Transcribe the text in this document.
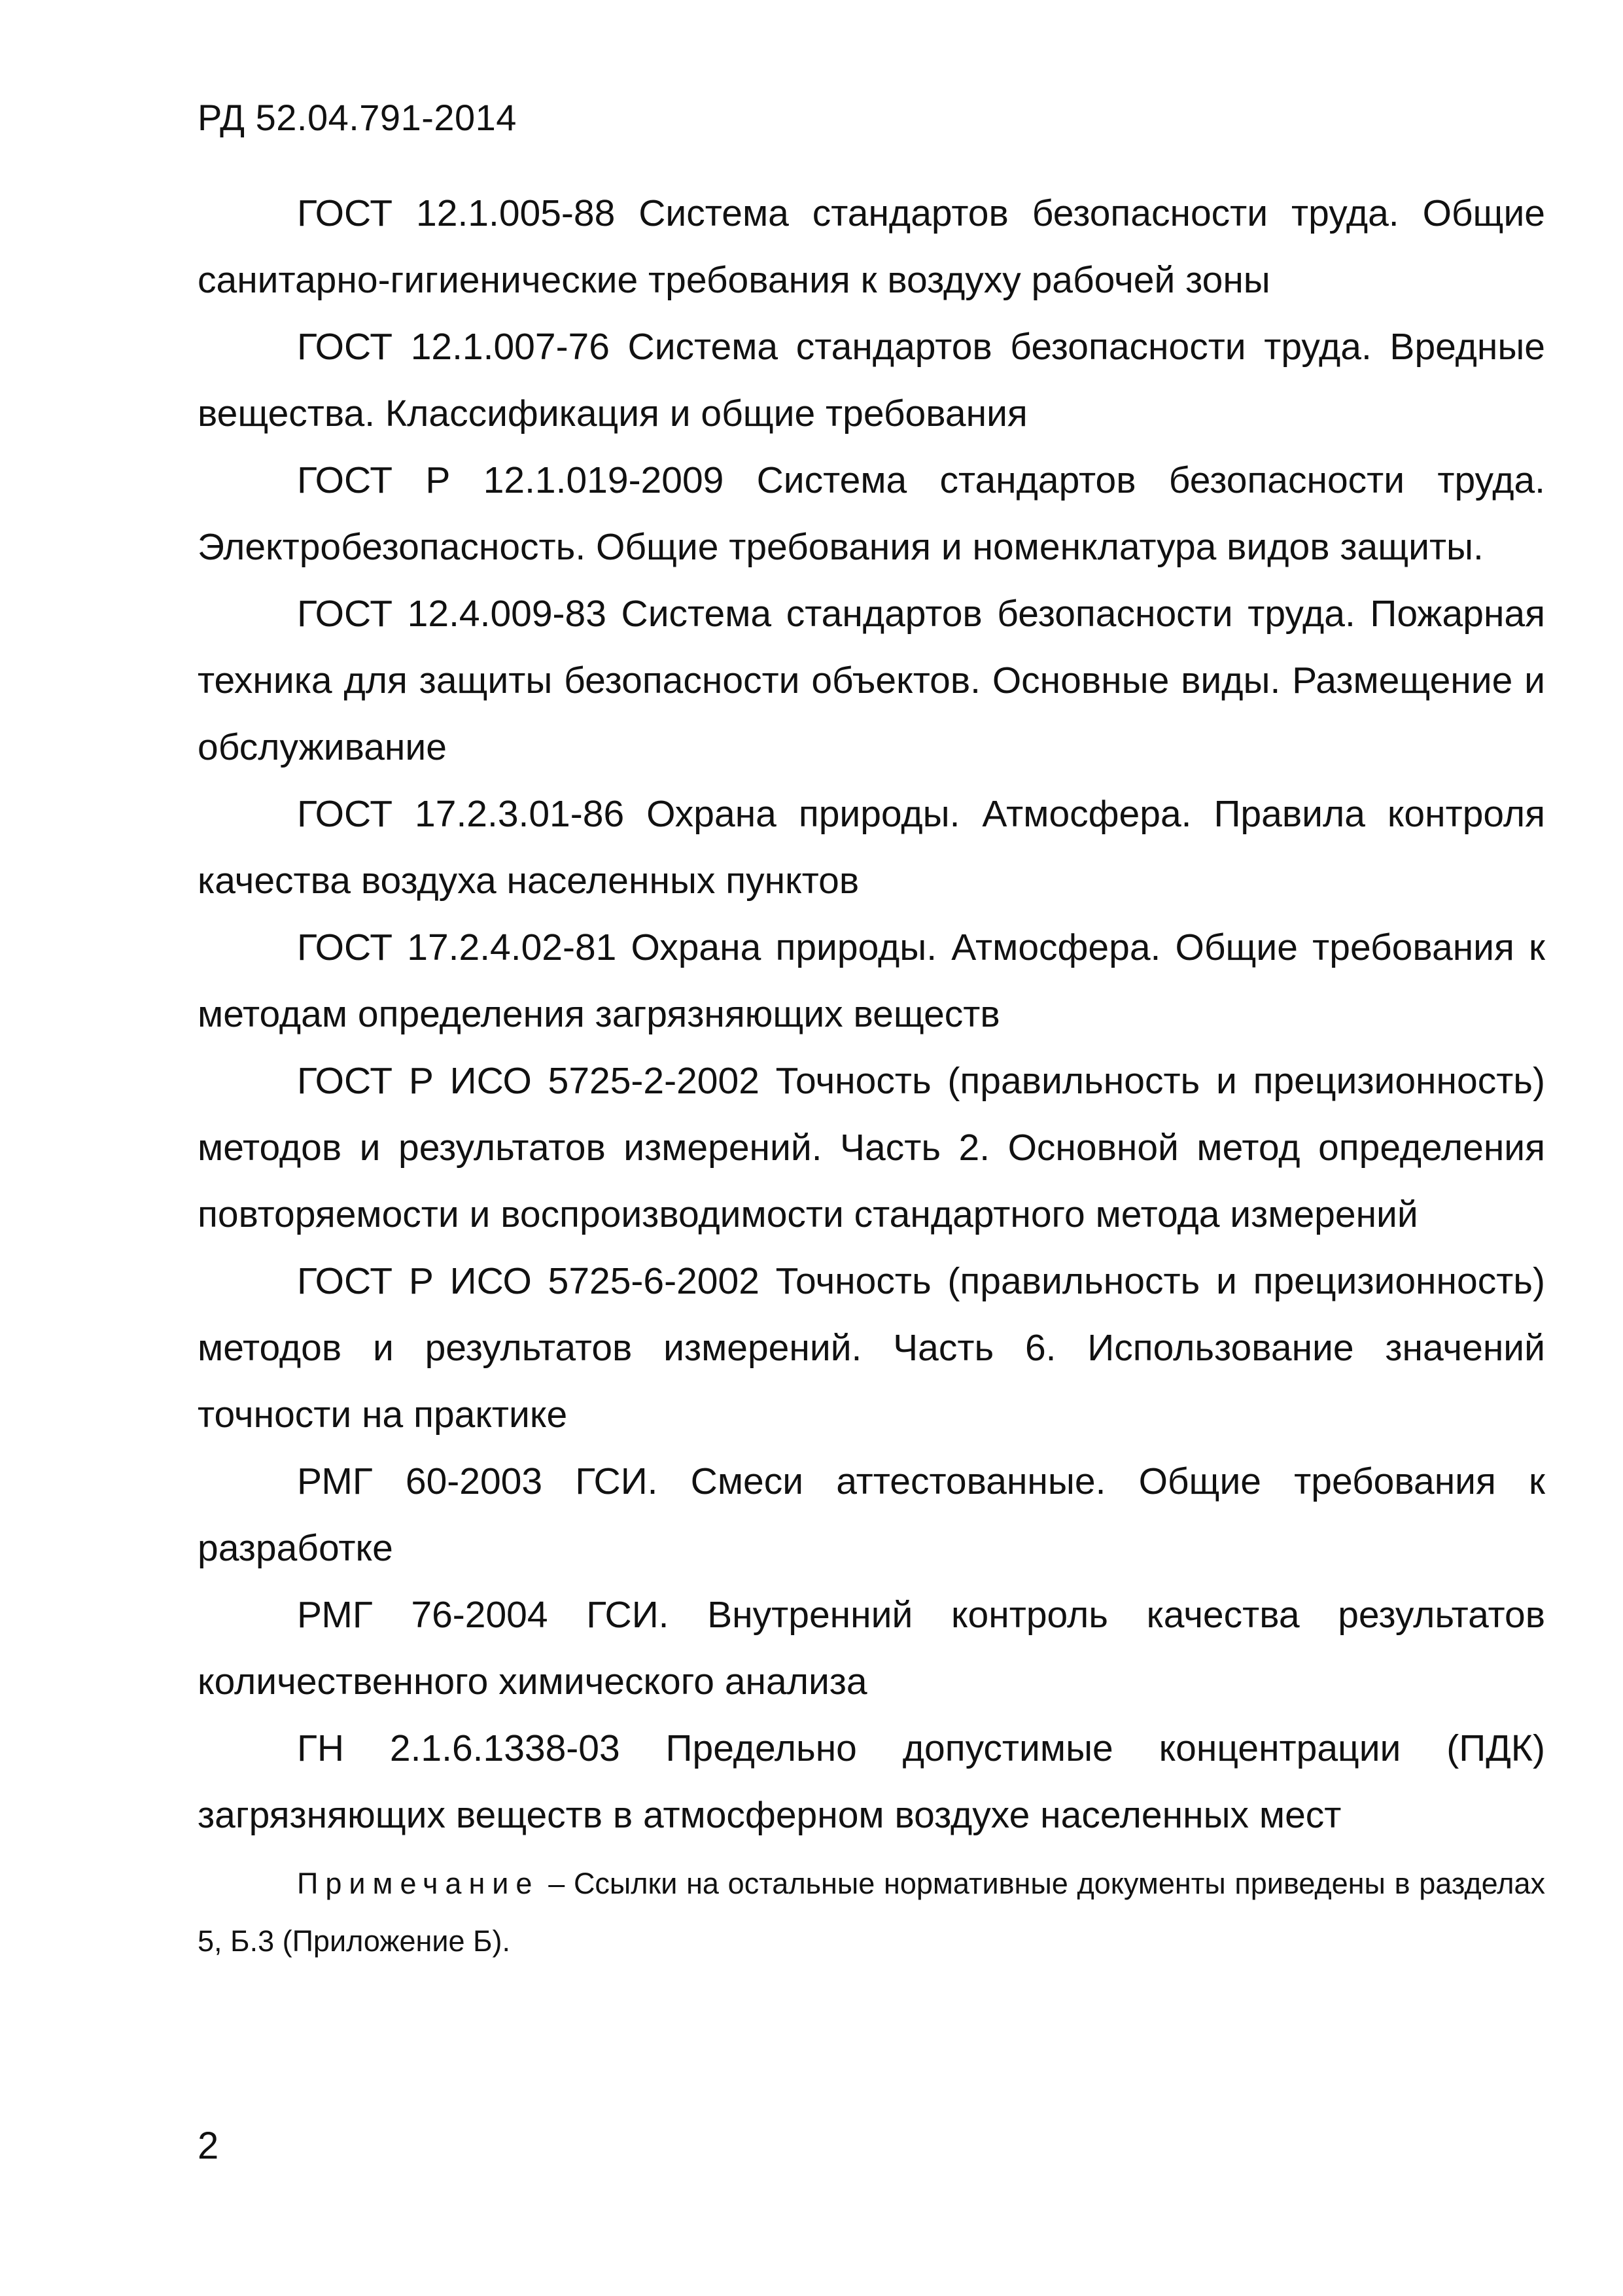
РД 52.04.791-2014

ГОСТ 12.1.005-88 Система стандартов безопасности труда. Общие санитарно-гигиенические требования к воздуху рабочей зоны

ГОСТ 12.1.007-76 Система стандартов безопасности труда. Вредные вещества. Классификация и общие требования

ГОСТ Р 12.1.019-2009 Система стандартов безопасности труда. Электробезопасность. Общие требования и номенклатура видов защиты.

ГОСТ 12.4.009-83 Система стандартов безопасности труда. Пожарная техника для защиты безопасности объектов. Основные виды. Размещение и обслуживание

ГОСТ 17.2.3.01-86 Охрана природы. Атмосфера. Правила контроля качества воздуха населенных пунктов

ГОСТ 17.2.4.02-81 Охрана природы. Атмосфера. Общие требования к методам определения загрязняющих веществ

ГОСТ Р ИСО 5725-2-2002 Точность (правильность и прецизионность) методов и результатов измерений. Часть 2. Основной метод определения повторяемости и воспроизводимости стандартного метода измерений

ГОСТ Р ИСО 5725-6-2002 Точность (правильность и прецизионность) методов и результатов измерений. Часть 6. Использование значений точности на практике

РМГ 60-2003 ГСИ. Смеси аттестованные. Общие требования к разработке

РМГ 76-2004 ГСИ. Внутренний контроль качества результатов количественного химического анализа

ГН 2.1.6.1338-03 Предельно допустимые концентрации (ПДК) загрязняющих веществ в атмосферном воздухе населенных мест

Примечание – Ссылки на остальные нормативные документы приведены в разделах 5, Б.3 (Приложение Б).

2
